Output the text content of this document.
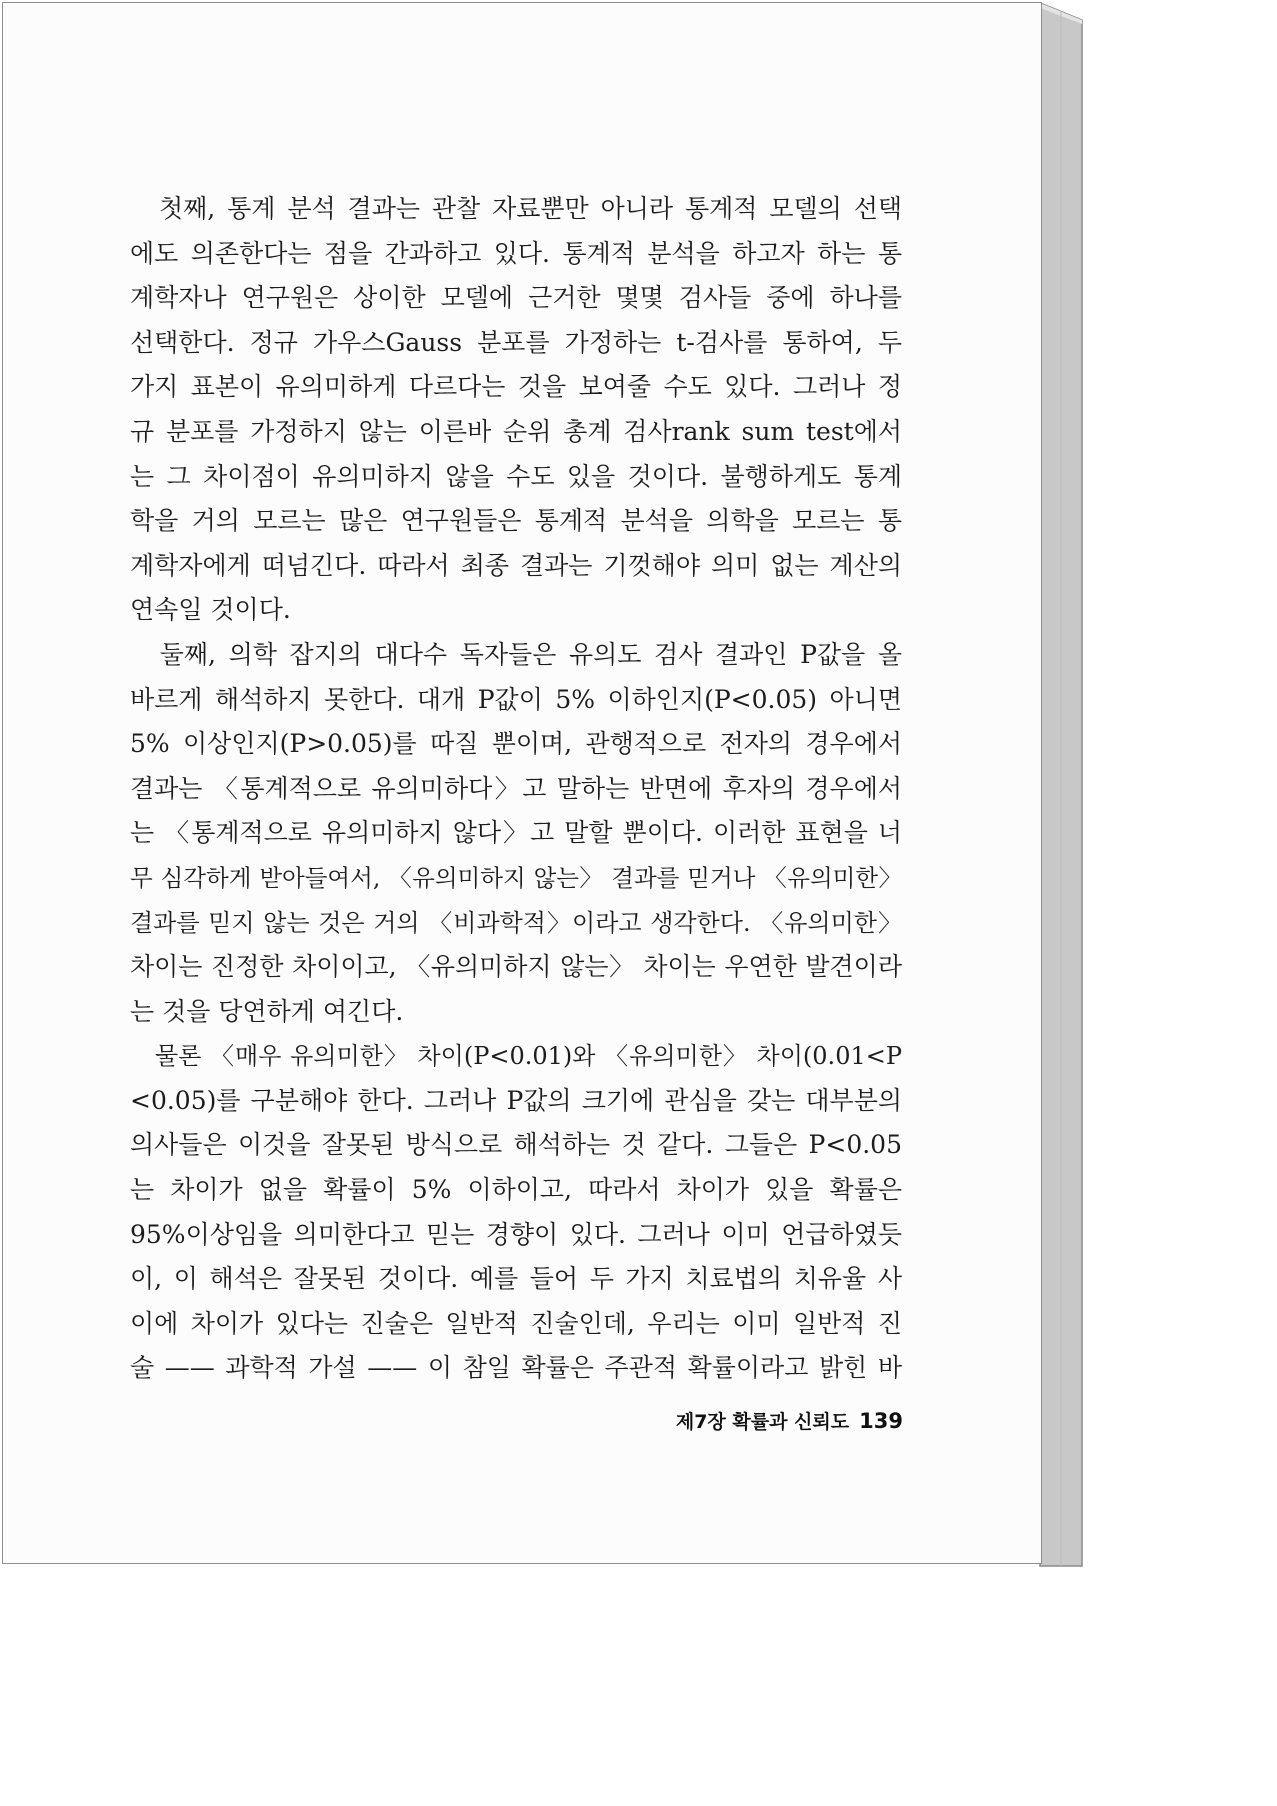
　첫째, 통계 분석 결과는 관찰 자료뿐만 아니라 통계적 모델의 선택
에도 의존한다는 점을 간과하고 있다. 통계적 분석을 하고자 하는 통
계학자나 연구원은 상이한 모델에 근거한 몇몇 검사들 중에 하나를
선택한다. 정규 가우스Gauss 분포를 가정하는 t-검사를 통하여, 두
가지 표본이 유의미하게 다르다는 것을 보여줄 수도 있다. 그러나 정
규 분포를 가정하지 않는 이른바 순위 총계 검사rank sum test에서
는 그 차이점이 유의미하지 않을 수도 있을 것이다. 불행하게도 통계
학을 거의 모르는 많은 연구원들은 통계적 분석을 의학을 모르는 통
계학자에게 떠넘긴다. 따라서 최종 결과는 기껏해야 의미 없는 계산의
연속일 것이다.
　둘째, 의학 잡지의 대다수 독자들은 유의도 검사 결과인 P값을 올
바르게 해석하지 못한다. 대개 P값이 5% 이하인지(P<0.05) 아니면
5% 이상인지(P>0.05)를 따질 뿐이며, 관행적으로 전자의 경우에서
결과는 〈통계적으로 유의미하다〉고 말하는 반면에 후자의 경우에서
는 〈통계적으로 유의미하지 않다〉고 말할 뿐이다. 이러한 표현을 너
무 심각하게 받아들여서, 〈유의미하지 않는〉 결과를 믿거나 〈유의미한〉
결과를 믿지 않는 것은 거의 〈비과학적〉이라고 생각한다. 〈유의미한〉
차이는 진정한 차이이고, 〈유의미하지 않는〉 차이는 우연한 발견이라
는 것을 당연하게 여긴다.
　물론 〈매우 유의미한〉 차이(P<0.01)와 〈유의미한〉 차이(0.01<P
<0.05)를 구분해야 한다. 그러나 P값의 크기에 관심을 갖는 대부분의
의사들은 이것을 잘못된 방식으로 해석하는 것 같다. 그들은 P<0.05
는 차이가 없을 확률이 5% 이하이고, 따라서 차이가 있을 확률은
95%이상임을 의미한다고 믿는 경향이 있다. 그러나 이미 언급하였듯
이, 이 해석은 잘못된 것이다. 예를 들어 두 가지 치료법의 치유율 사
이에 차이가 있다는 진술은 일반적 진술인데, 우리는 이미 일반적 진
술 —— 과학적 가설 —— 이 참일 확률은 주관적 확률이라고 밝힌 바
제7장 확률과 신뢰도 139
